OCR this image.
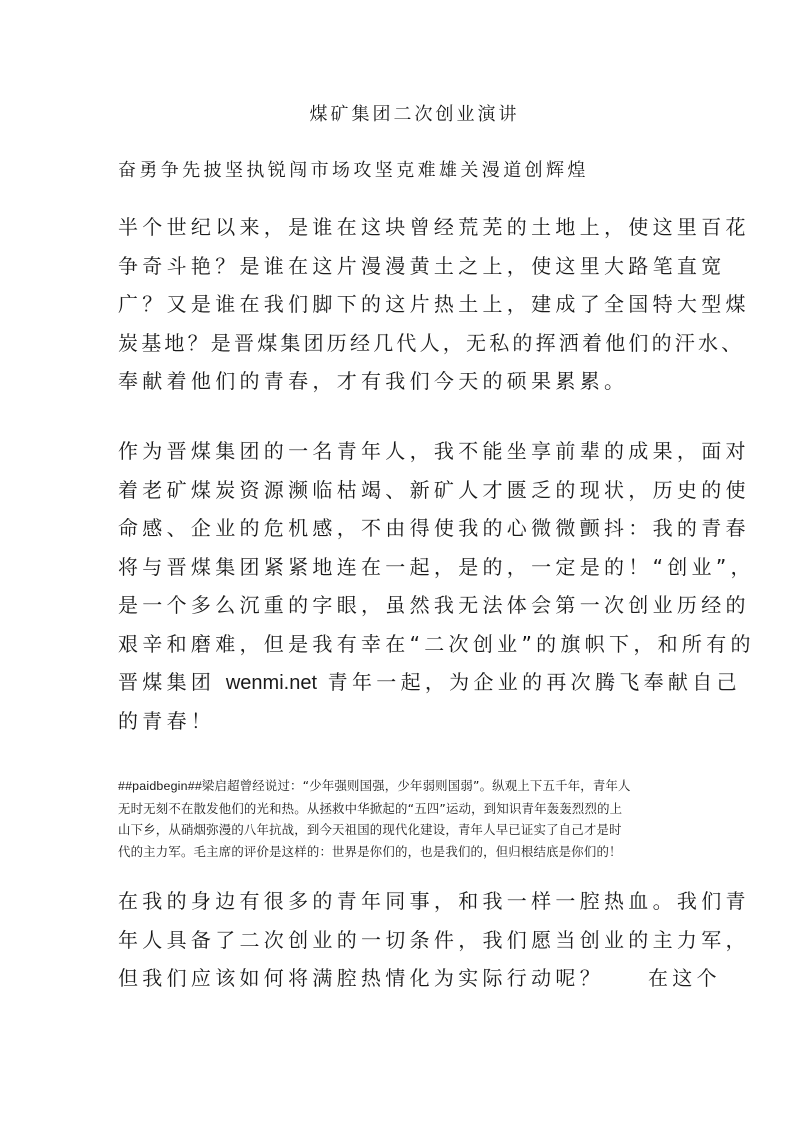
煤矿集团二次创业演讲
奋勇争先披坚执锐闯市场攻坚克难雄关漫道创辉煌
半个世纪以来，是谁在这块曾经荒芜的土地上，使这里百花
争奇斗艳？是谁在这片漫漫黄土之上，使这里大路笔直宽
广？又是谁在我们脚下的这片热土上，建成了全国特大型煤
炭基地？是晋煤集团历经几代人，无私的挥洒着他们的汗水、
奉献着他们的青春，才有我们今天的硕果累累。
作为晋煤集团的一名青年人，我不能坐享前辈的成果，面对
着老矿煤炭资源濒临枯竭、新矿人才匮乏的现状，历史的使
命感、企业的危机感，不由得使我的心微微颤抖：我的青春
将与晋煤集团紧紧地连在一起，是的，一定是的！“创业”，
是一个多么沉重的字眼，虽然我无法体会第一次创业历经的
艰辛和磨难，但是我有幸在“二次创业”的旗帜下，和所有的
晋煤集团 wenmi.net 青年一起，为企业的再次腾飞奉献自己
的青春！
##paidbegin##梁启超曾经说过：“少年强则国强，少年弱则国弱”。纵观上下五千年，青年人
无时无刻不在散发他们的光和热。从拯救中华掀起的“五四”运动，到知识青年轰轰烈烈的上
山下乡，从硝烟弥漫的八年抗战，到今天祖国的现代化建设，青年人早已证实了自己才是时
代的主力军。毛主席的评价是这样的：世界是你们的，也是我们的，但归根结底是你们的！
在我的身边有很多的青年同事，和我一样一腔热血。我们青
年人具备了二次创业的一切条件，我们愿当创业的主力军，
但我们应该如何将满腔热情化为实际行动呢？ 在这个
